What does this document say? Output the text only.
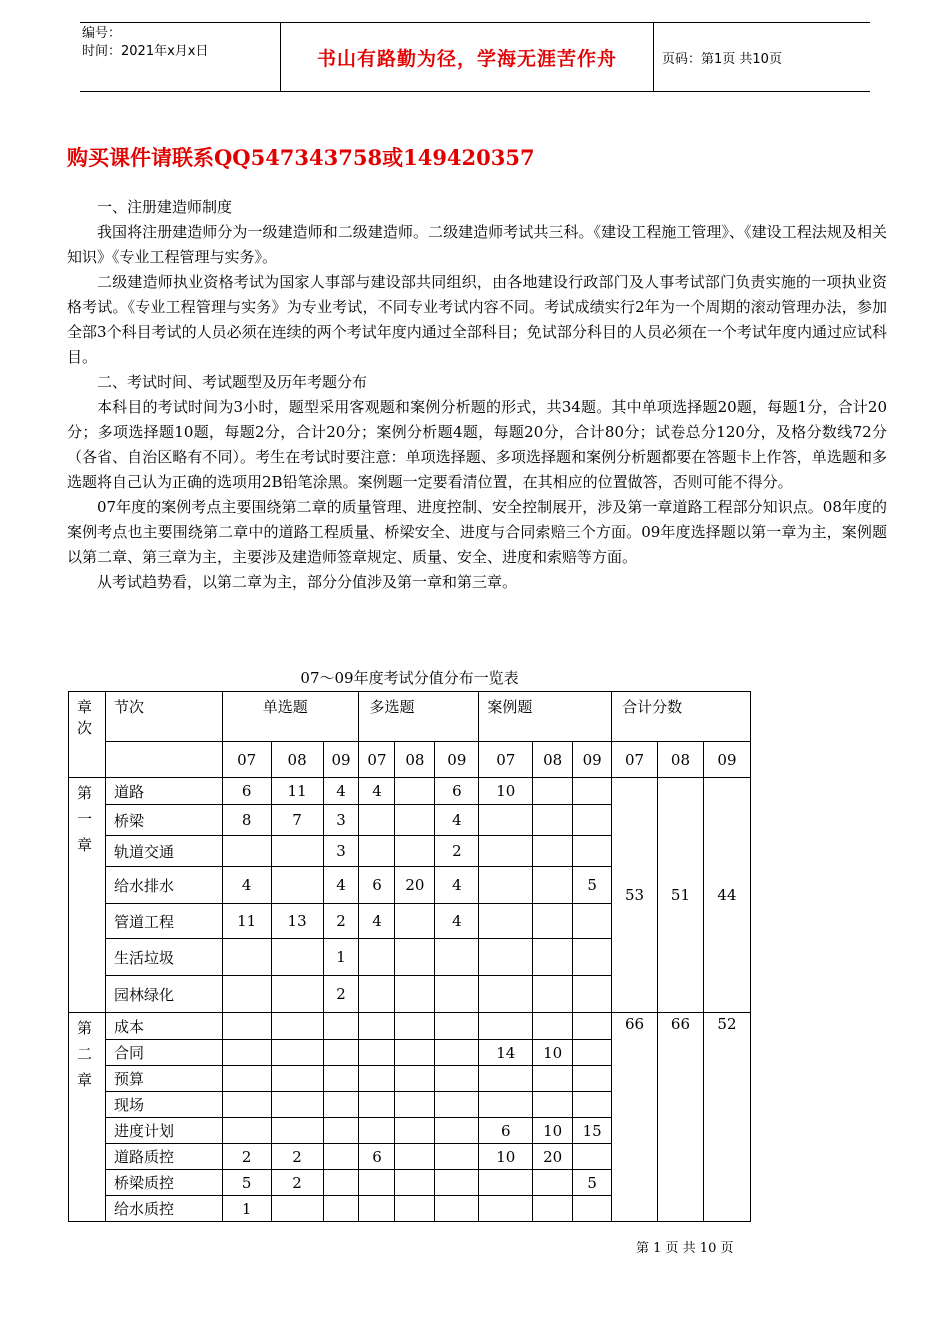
编号：
时间：2021年x月x日	书山有路勤为径，学海无涯苦作舟	页码：第1页 共10页
购买课件请联系QQ547343758或149420357

一、注册建造师制度

我国将注册建造师分为一级建造师和二级建造师。二级建造师考试共三科。《建设工程施工管理》、《建设工程法规及相关知识》《专业工程管理与实务》。

二级建造师执业资格考试为国家人事部与建设部共同组织，由各地建设行政部门及人事考试部门负责实施的一项执业资格考试。《专业工程管理与实务》为专业考试，不同专业考试内容不同。考试成绩实行2年为一个周期的滚动管理办法，参加全部3个科目考试的人员必须在连续的两个考试年度内通过全部科目；免试部分科目的人员必须在一个考试年度内通过应试科目。

二、考试时间、考试题型及历年考题分布

本科目的考试时间为3小时，题型采用客观题和案例分析题的形式，共34题。其中单项选择题20题，每题1分，合计20分；多项选择题10题，每题2分，合计20分；案例分析题4题，每题20分，合计80分；试卷总分120分，及格分数线72分（各省、自治区略有不同）。考生在考试时要注意：单项选择题、多项选择题和案例分析题都要在答题卡上作答，单选题和多选题将自己认为正确的选项用2B铅笔涂黑。案例题一定要看清位置，在其相应的位置做答，否则可能不得分。

07年度的案例考点主要围绕第二章的质量管理、进度控制、安全控制展开，涉及第一章道路工程部分知识点。08年度的案例考点也主要围绕第二章中的道路工程质量、桥梁安全、进度与合同索赔三个方面。09年度选择题以第一章为主，案例题以第二章、第三章为主，主要涉及建造师签章规定、质量、安全、进度和索赔等方面。

从考试趋势看，以第二章为主，部分分值涉及第一章和第三章。

07～09年度考试分值分布一览表
章次	节次	单选题			多选题			案例题			合计分数		
		07	08	09	07	08	09	07	08	09	07	08	09
第一章	道路	6	11	4	4		6	10			53	51	44
	桥梁	8	7	3			4						
	轨道交通			3			2						
	给水排水	4		4	6	20	4			5			
	管道工程	11	13	2	4		4						
	生活垃圾			1									
	园林绿化			2									
第二章	成本										66	66	52
	合同							14	10				
	预算												
	现场												
	进度计划							6	10	15			
	道路质控	2	2		6			10	20				
	桥梁质控	5	2							5			
	给水质控	1											
第 1 页 共 10 页
